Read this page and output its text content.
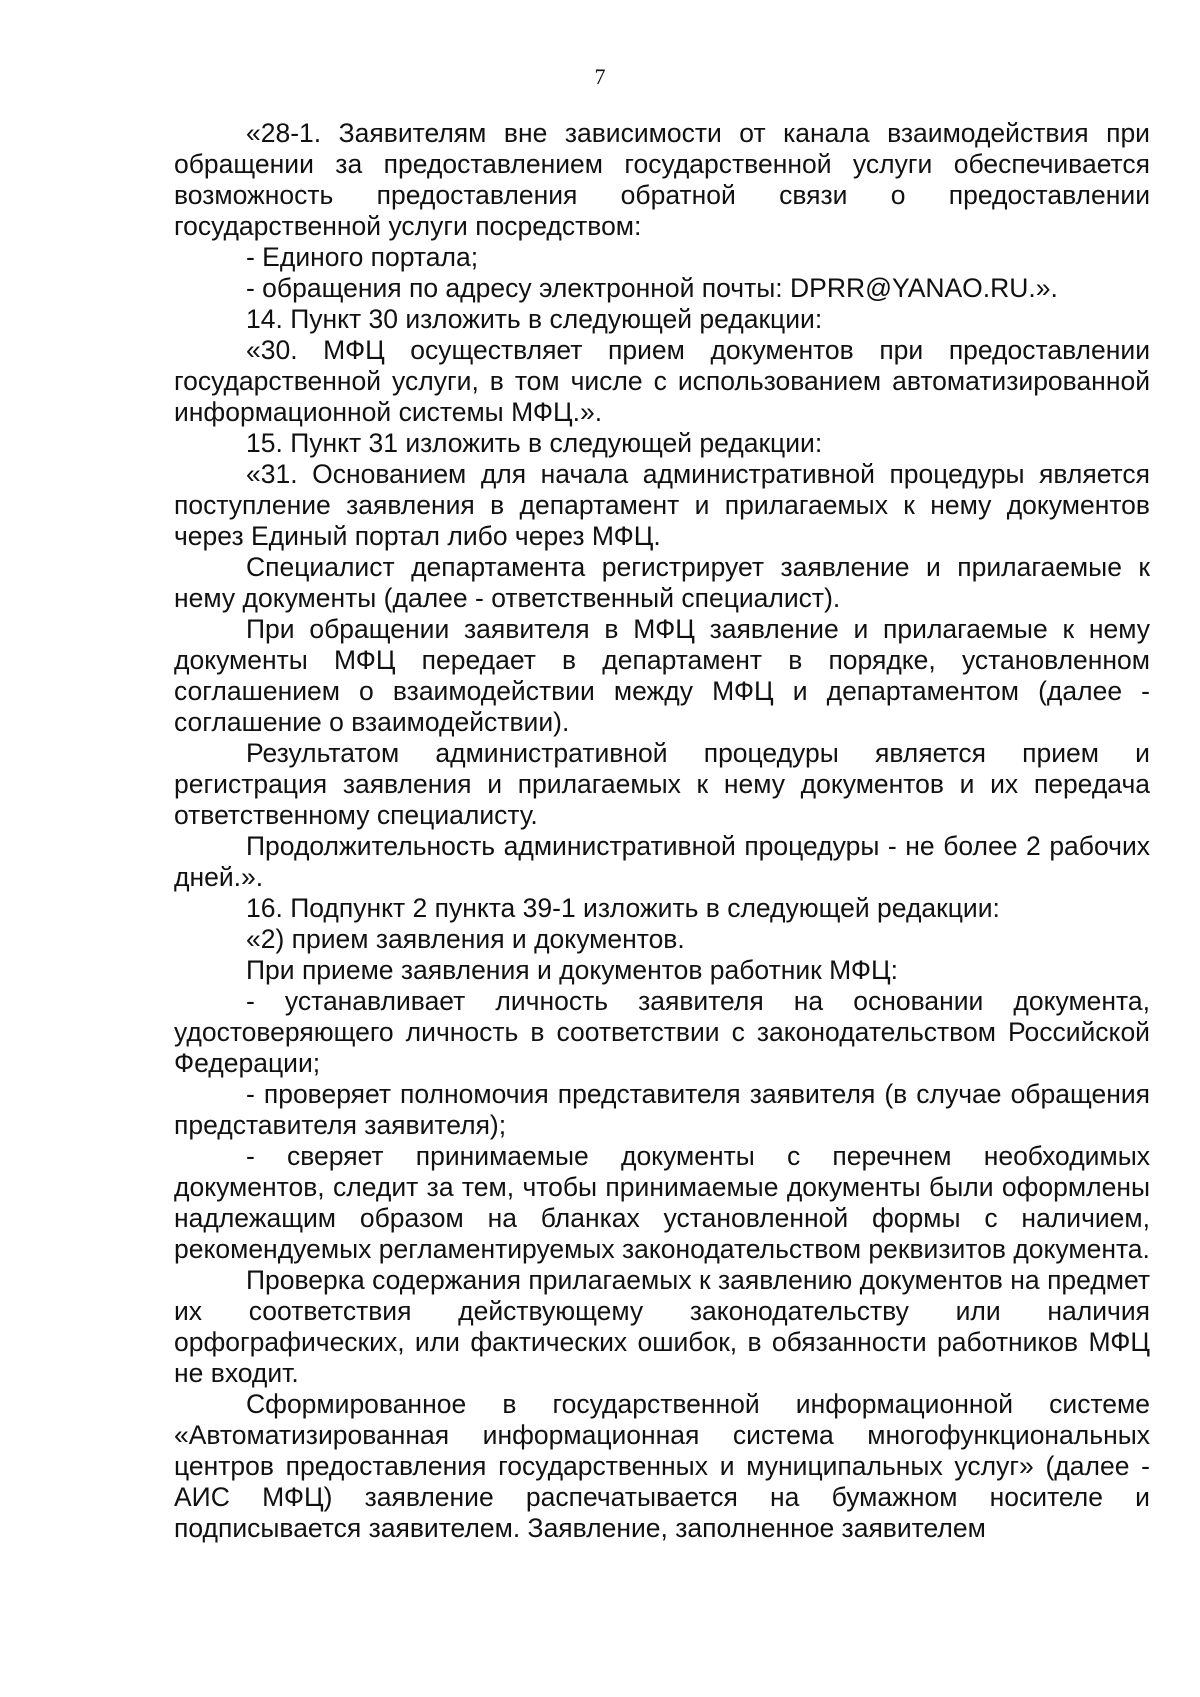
7

«28-1. Заявителям вне зависимости от канала взаимодействия при обращении за предоставлением государственной услуги обеспечивается возможность предоставления обратной связи о предоставлении государственной услуги посредством:

- Единого портала;

- обращения по адресу электронной почты: DPRR@YANAO.RU.».

14. Пункт 30 изложить в следующей редакции:

«30. МФЦ осуществляет прием документов при предоставлении государственной услуги, в том числе с использованием автоматизированной информационной системы МФЦ.».

15. Пункт 31 изложить в следующей редакции:

«31. Основанием для начала административной процедуры является поступление заявления в департамент и прилагаемых к нему документов через Единый портал либо через МФЦ.

Специалист департамента регистрирует заявление и прилагаемые к нему документы (далее - ответственный специалист).

При обращении заявителя в МФЦ заявление и прилагаемые к нему документы МФЦ передает в департамент в порядке, установленном соглашением о взаимодействии между МФЦ и департаментом (далее - соглашение о взаимодействии).

Результатом административной процедуры является прием и регистрация заявления и прилагаемых к нему документов и их передача ответственному специалисту.

Продолжительность административной процедуры - не более 2 рабочих дней.».

16. Подпункт 2 пункта 39-1 изложить в следующей редакции:

«2) прием заявления и документов.

При приеме заявления и документов работник МФЦ:

- устанавливает личность заявителя на основании документа, удостоверяющего личность в соответствии с законодательством Российской Федерации;

- проверяет полномочия представителя заявителя (в случае обращения представителя заявителя);

- сверяет принимаемые документы с перечнем необходимых документов, следит за тем, чтобы принимаемые документы были оформлены надлежащим образом на бланках установленной формы с наличием, рекомендуемых регламентируемых законодательством реквизитов документа.

Проверка содержания прилагаемых к заявлению документов на предмет их соответствия действующему законодательству или наличия орфографических, или фактических ошибок, в обязанности работников МФЦ не входит.

Сформированное в государственной информационной системе «Автоматизированная информационная система многофункциональных центров предоставления государственных и муниципальных услуг» (далее - АИС МФЦ) заявление распечатывается на бумажном носителе и подписывается заявителем. Заявление, заполненное заявителем
